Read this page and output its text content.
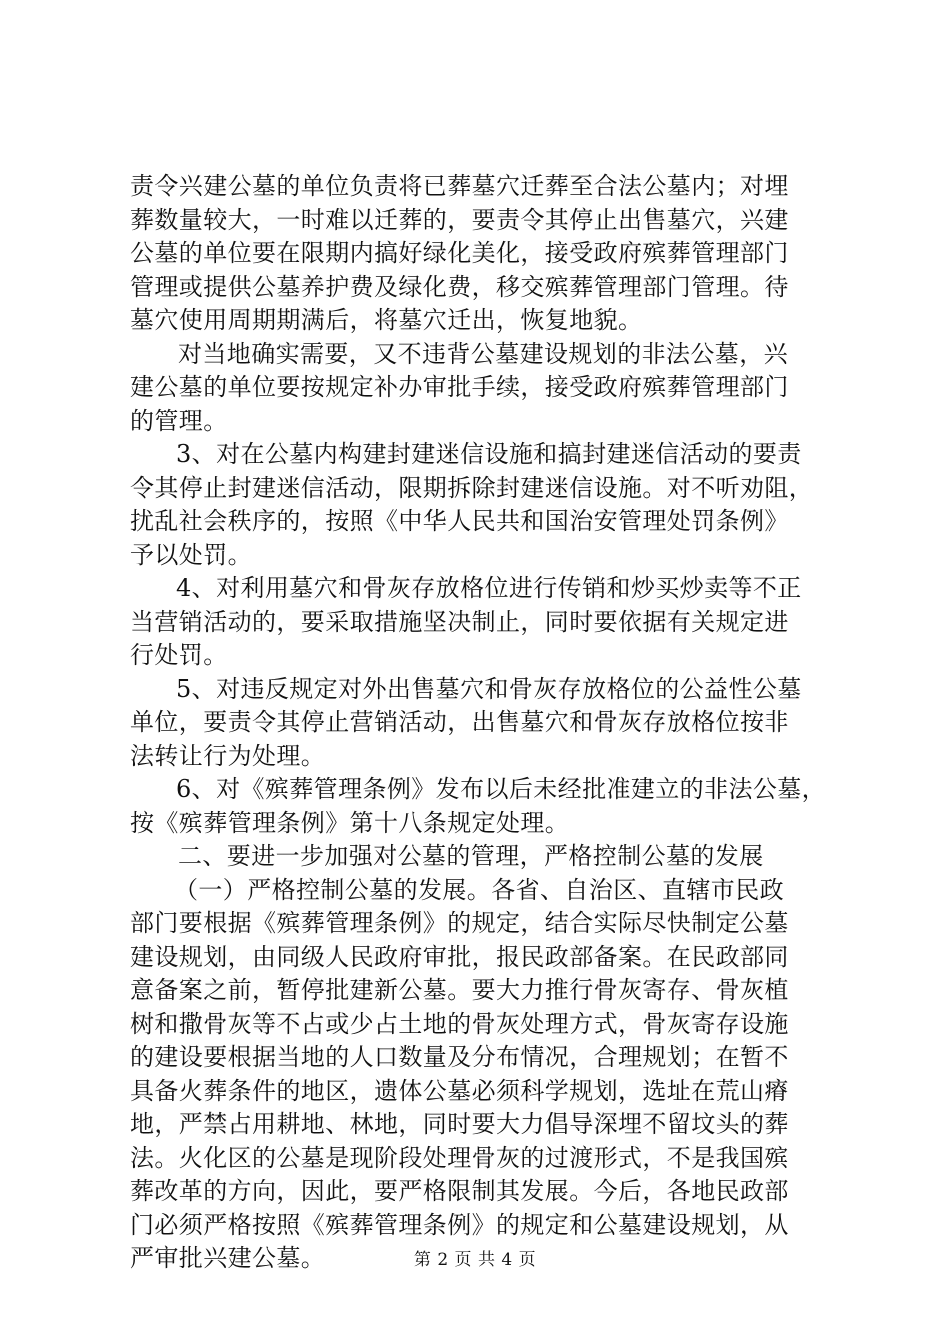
责令兴建公墓的单位负责将已葬墓穴迁葬至合法公墓内；对埋
葬数量较大，一时难以迁葬的，要责令其停止出售墓穴，兴建
公墓的单位要在限期内搞好绿化美化，接受政府殡葬管理部门
管理或提供公墓养护费及绿化费，移交殡葬管理部门管理。待
墓穴使用周期期满后，将墓穴迁出，恢复地貌。
对当地确实需要，又不违背公墓建设规划的非法公墓，兴
建公墓的单位要按规定补办审批手续，接受政府殡葬管理部门
的管理。
3、对在公墓内构建封建迷信设施和搞封建迷信活动的要责
令其停止封建迷信活动，限期拆除封建迷信设施。对不听劝阻，
扰乱社会秩序的，按照《中华人民共和国治安管理处罚条例》
予以处罚。
4、对利用墓穴和骨灰存放格位进行传销和炒买炒卖等不正
当营销活动的，要采取措施坚决制止，同时要依据有关规定进
行处罚。
5、对违反规定对外出售墓穴和骨灰存放格位的公益性公墓
单位，要责令其停止营销活动，出售墓穴和骨灰存放格位按非
法转让行为处理。
6、对《殡葬管理条例》发布以后未经批准建立的非法公墓，
按《殡葬管理条例》第十八条规定处理。
二、要进一步加强对公墓的管理，严格控制公墓的发展
（一）严格控制公墓的发展。各省、自治区、直辖市民政
部门要根据《殡葬管理条例》的规定，结合实际尽快制定公墓
建设规划，由同级人民政府审批，报民政部备案。在民政部同
意备案之前，暂停批建新公墓。要大力推行骨灰寄存、骨灰植
树和撒骨灰等不占或少占土地的骨灰处理方式，骨灰寄存设施
的建设要根据当地的人口数量及分布情况，合理规划；在暂不
具备火葬条件的地区，遗体公墓必须科学规划，选址在荒山瘠
地，严禁占用耕地、林地，同时要大力倡导深埋不留坟头的葬
法。火化区的公墓是现阶段处理骨灰的过渡形式，不是我国殡
葬改革的方向，因此，要严格限制其发展。今后，各地民政部
门必须严格按照《殡葬管理条例》的规定和公墓建设规划，从
严审批兴建公墓。	第 2 页 共 4 页
